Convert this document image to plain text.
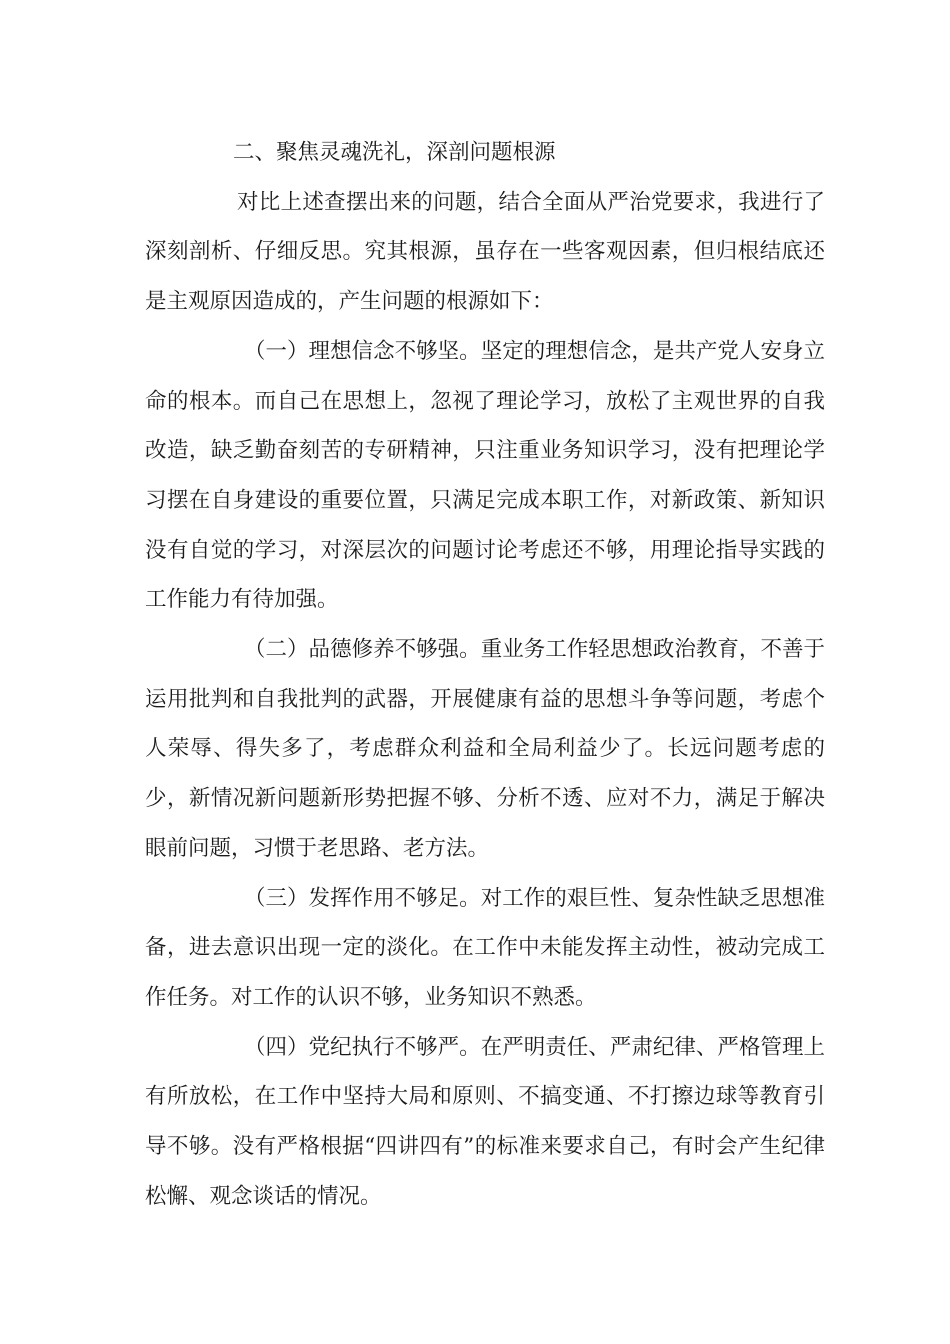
二、聚焦灵魂洗礼，深剖问题根源

对比上述查摆出来的问题，结合全面从严治党要求，我进行了深刻剖析、仔细反思。究其根源，虽存在一些客观因素，但归根结底还是主观原因造成的，产生问题的根源如下：

（一）理想信念不够坚。坚定的理想信念，是共产党人安身立命的根本。而自己在思想上，忽视了理论学习，放松了主观世界的自我改造，缺乏勤奋刻苦的专研精神，只注重业务知识学习，没有把理论学习摆在自身建设的重要位置，只满足完成本职工作，对新政策、新知识没有自觉的学习，对深层次的问题讨论考虑还不够，用理论指导实践的工作能力有待加强。

（二）品德修养不够强。重业务工作轻思想政治教育，不善于运用批判和自我批判的武器，开展健康有益的思想斗争等问题，考虑个人荣辱、得失多了，考虑群众利益和全局利益少了。长远问题考虑的少，新情况新问题新形势把握不够、分析不透、应对不力，满足于解决眼前问题，习惯于老思路、老方法。

（三）发挥作用不够足。对工作的艰巨性、复杂性缺乏思想准备，进去意识出现一定的淡化。在工作中未能发挥主动性，被动完成工作任务。对工作的认识不够，业务知识不熟悉。

（四）党纪执行不够严。在严明责任、严肃纪律、严格管理上有所放松，在工作中坚持大局和原则、不搞变通、不打擦边球等教育引导不够。没有严格根据“四讲四有”的标准来要求自己，有时会产生纪律松懈、观念谈话的情况。
